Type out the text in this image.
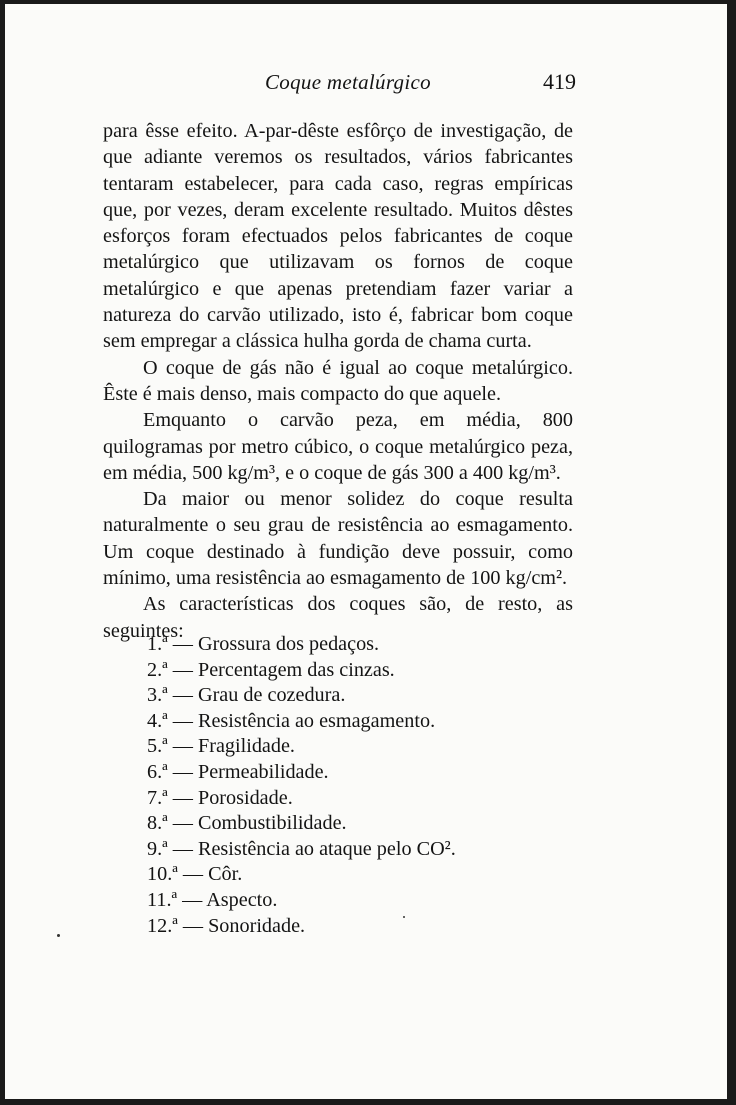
Coque metalúrgico	419

para êsse efeito. A-par-dêste esfôrço de investigação, de que adiante veremos os resultados, vários fabricantes tentaram estabelecer, para cada caso, regras empíricas que, por vezes, deram excelente resultado. Muitos dêstes esforços foram efectuados pelos fabricantes de coque metalúrgico que utilizavam os fornos de coque metalúrgico e que apenas pretendiam fazer variar a natureza do carvão utilizado, isto é, fabricar bom coque sem empregar a clássica hulha gorda de chama curta.

O coque de gás não é igual ao coque metalúrgico. Êste é mais denso, mais compacto do que aquele.

Emquanto o carvão peza, em média, 800 quilogramas por metro cúbico, o coque metalúrgico peza, em média, 500 kg/m³, e o coque de gás 300 a 400 kg/m³.

Da maior ou menor solidez do coque resulta naturalmente o seu grau de resistência ao esmagamento. Um coque destinado à fundição deve possuir, como mínimo, uma resistência ao esmagamento de 100 kg/cm².

As características dos coques são, de resto, as seguintes:

1.ª — Grossura dos pedaços.
2.ª — Percentagem das cinzas.
3.ª — Grau de cozedura.
4.ª — Resistência ao esmagamento.
5.ª — Fragilidade.
6.ª — Permeabilidade.
7.ª — Porosidade.
8.ª — Combustibilidade.
9.ª — Resistência ao ataque pelo CO².
10.ª — Côr.
11.ª — Aspecto.
12.ª — Sonoridade.
